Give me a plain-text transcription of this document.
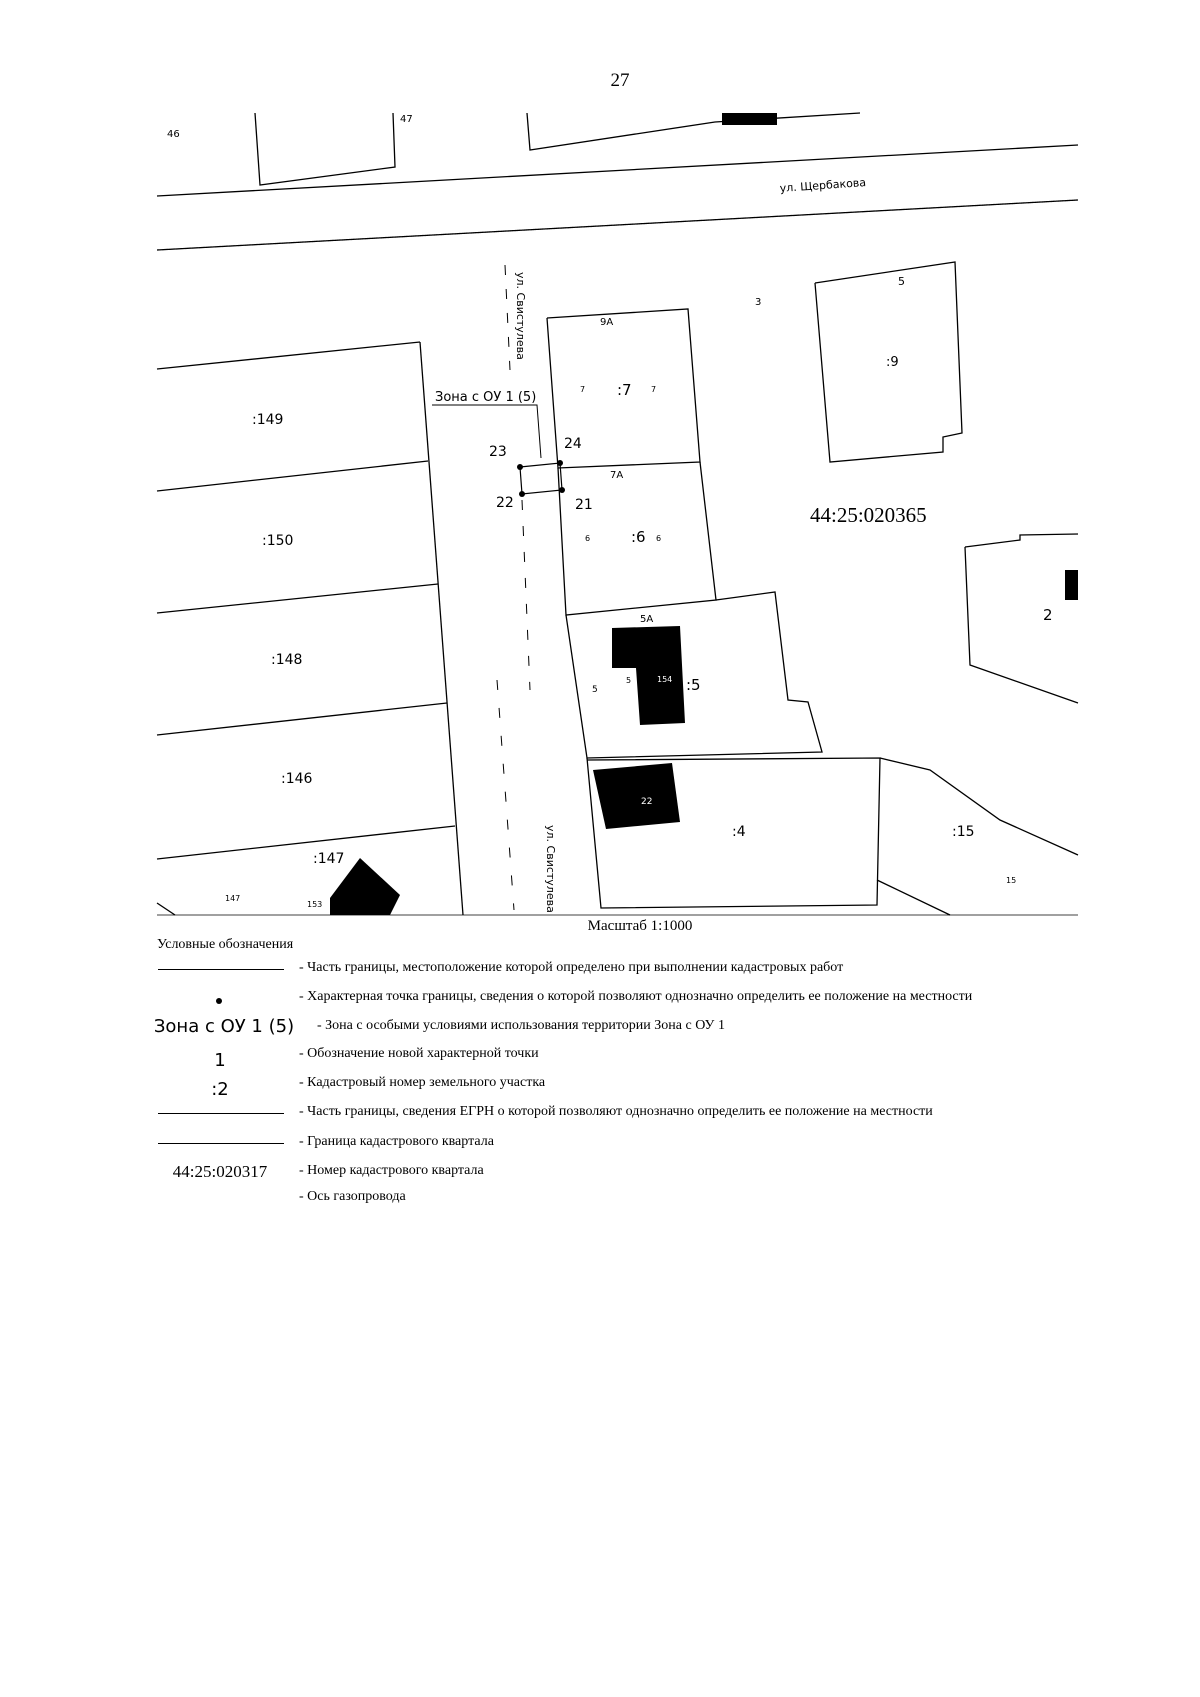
27
ул. Щербакова
ул. Свистулева
ул. Свистулева
Зона с ОУ 1 (5)
44:25:020365
:149
:150
:148
:146
:147
:7
:6
:5
:4	:15
:9
2
46
47
9А
7	7
7А
6	6
5А
5
5
5
3
147
153
154
22
4
15
23	24
22	21
Масштаб 1:1000
Условные обозначения
- Часть границы, местоположение которой определено при выполнении кадастровых работ
- Характерная точка границы, сведения о которой позволяют однозначно определить ее положение на местности
Зона с ОУ 1 (5)	- Зона с особыми условиями использования территории Зона с ОУ 1
1	- Обозначение новой характерной точки
:2	- Кадастровый номер земельного участка
- Часть границы, сведения ЕГРН о которой позволяют однозначно определить ее положение на местности
- Граница кадастрового квартала
44:25:020317	- Номер кадастрового квартала
- Ось газопровода
